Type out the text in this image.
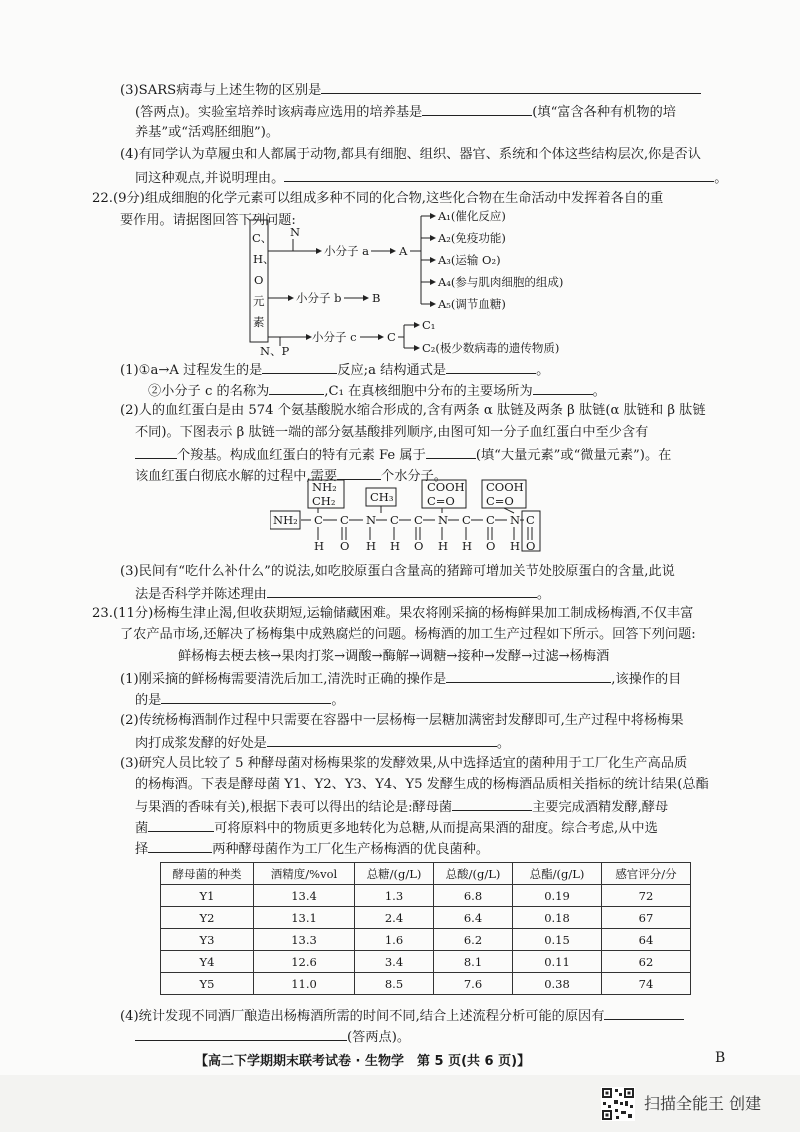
(3)SARS病毒与上述生物的区别是
(答两点)。实验室培养时该病毒应选用的培养基是	(填“富含各种有机物的培
养基”或“活鸡胚细胞”)。
(4)有同学认为草履虫和人都属于动物,都具有细胞、组织、器官、系统和个体这些结构层次,你是否认
同这种观点,并说明理由。	。
22.(9分)组成细胞的化学元素可以组成多种不同的化合物,这些化合物在生命活动中发挥着各自的重
要作用。请据图回答下列问题:
C、
H、
O
元
素
N
小分子 a	A
A₁(催化反应)
A₂(免疫功能)
A₃(运输 O₂)
A₄(参与肌肉细胞的组成)
A₅(调节血糖)
小分子 b	B
N、P
小分子 c	C
C₁
C₂(极少数病毒的遗传物质)
(1)①a→A 过程发生的是	反应;a 结构通式是	。
②小分子 c 的名称为	,C₁ 在真核细胞中分布的主要场所为	。
(2)人的血红蛋白是由 574 个氨基酸脱水缩合形成的,含有两条 α 肽链及两条 β 肽链(α 肽链和 β 肽链
不同)。下图表示 β 肽链一端的部分氨基酸排列顺序,由图可知一分子血红蛋白中至少含有
个羧基。构成血红蛋白的特有元素 Fe 属于	(填“大量元素”或“微量元素”)。在
该血红蛋白彻底水解的过程中,需要	个水分子。
NH₂
CH₂	CH₃
COOH
C=O
COOH
C=O
NH₂ C C N C C N C C N C
O
H O H H O H H O H
(3)民间有“吃什么补什么”的说法,如吃胶原蛋白含量高的猪蹄可增加关节处胶原蛋白的含量,此说
法是否科学并陈述理由	。
23.(11分)杨梅生津止渴,但收获期短,运输储藏困难。果农将刚采摘的杨梅鲜果加工制成杨梅酒,不仅丰富
了农产品市场,还解决了杨梅集中成熟腐烂的问题。杨梅酒的加工生产过程如下所示。回答下列问题:
鲜杨梅去梗去核→果肉打浆→调酸→酶解→调糖→接种→发酵→过滤→杨梅酒
(1)刚采摘的鲜杨梅需要清洗后加工,清洗时正确的操作是	,该操作的目
的是	。
(2)传统杨梅酒制作过程中只需要在容器中一层杨梅一层糖加满密封发酵即可,生产过程中将杨梅果
肉打成浆发酵的好处是	。
(3)研究人员比较了 5 种酵母菌对杨梅果浆的发酵效果,从中选择适宜的菌种用于工厂化生产高品质
的杨梅酒。下表是酵母菌 Y1、Y2、Y3、Y4、Y5 发酵生成的杨梅酒品质相关指标的统计结果(总酯
与果酒的香味有关),根据下表可以得出的结论是:酵母菌	主要完成酒精发酵,酵母
菌	可将原料中的物质更多地转化为总糖,从而提高果酒的甜度。综合考虑,从中选
酵母菌的种类	酒精度/%vol	总糖/(g/L)	总酸/(g/L)	总酯/(g/L)	感官评分/分
Y1	13.4	1.3	6.8	0.19	72
Y2	13.1	2.4	6.4	0.18	67
Y3	13.3	1.6	6.2	0.15	64
Y4	12.6	3.4	8.1	0.11	62
Y5	11.0	8.5	7.6	0.38	74
择	两种酵母菌作为工厂化生产杨梅酒的优良菌种。
(4)统计发现不同酒厂酿造出杨梅酒所需的时间不同,结合上述流程分析可能的原因有
(答两点)。
【高二下学期期末联考试卷 · 生物学　第 5 页(共 6 页)】	B
扫描全能王 创建
